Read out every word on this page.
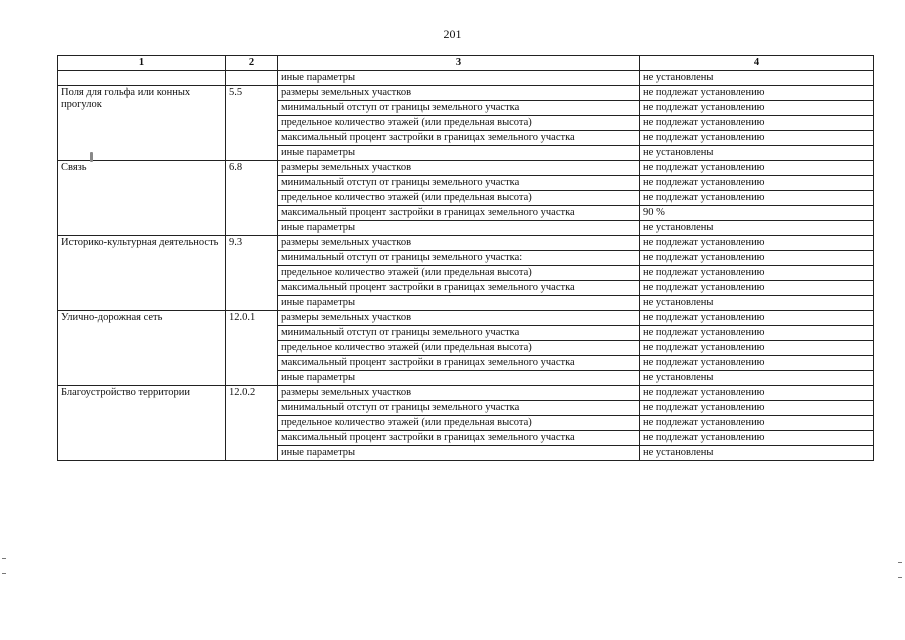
201
1	2	3	4
		иные параметры	не установлены
Поля для гольфа или конных прогулок	5.5	размеры земельных участков	не подлежат установлению
		минимальный отступ от границы земельного участка	не подлежат установлению
		предельное количество этажей (или предельная высота)	не подлежат установлению
		максимальный процент застройки в границах земельного участка	не подлежат установлению
		иные параметры	не установлены
Связь	6.8	размеры земельных участков	не подлежат установлению
		минимальный отступ от границы земельного участка	не подлежат установлению
		предельное количество этажей (или предельная высота)	не подлежат установлению
		максимальный процент застройки в границах земельного участка	90 %
		иные параметры	не установлены
Историко-культурная деятельность	9.3	размеры земельных участков	не подлежат установлению
		минимальный отступ от границы земельного участка:	не подлежат установлению
		предельное количество этажей (или предельная высота)	не подлежат установлению
		максимальный процент застройки в границах земельного участка	не подлежат установлению
		иные параметры	не установлены
Улично-дорожная сеть	12.0.1	размеры земельных участков	не подлежат установлению
		минимальный отступ от границы земельного участка	не подлежат установлению
		предельное количество этажей (или предельная высота)	не подлежат установлению
		максимальный процент застройки в границах земельного участка	не подлежат установлению
		иные параметры	не установлены
Благоустройство территории	12.0.2	размеры земельных участков	не подлежат установлению
		минимальный отступ от границы земельного участка	не подлежат установлению
		предельное количество этажей (или предельная высота)	не подлежат установлению
		максимальный процент застройки в границах земельного участка	не подлежат установлению
		иные параметры	не установлены
